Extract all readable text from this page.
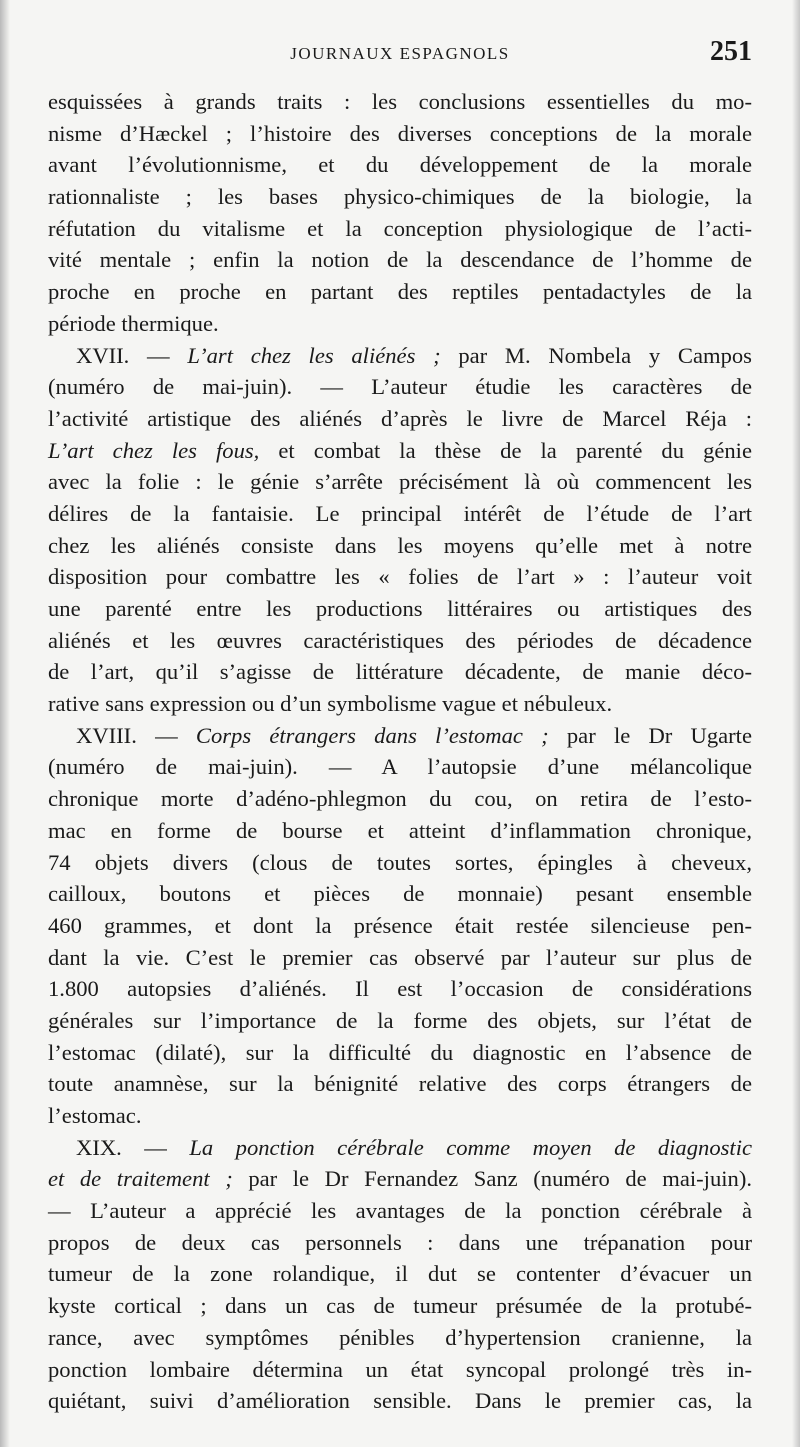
JOURNAUX ESPAGNOLS	251
esquissées à grands traits : les conclusions essentielles du mo-
nisme d’Hæckel ; l’histoire des diverses conceptions de la morale
avant l’évolutionnisme, et du développement de la morale
rationnaliste ; les bases physico-chimiques de la biologie, la
réfutation du vitalisme et la conception physiologique de l’acti-
vité mentale ; enfin la notion de la descendance de l’homme de
proche en proche en partant des reptiles pentadactyles de la
période thermique.
XVII. — L’art chez les aliénés ; par M. Nombela y Campos
(numéro de mai-juin). — L’auteur étudie les caractères de
l’activité artistique des aliénés d’après le livre de Marcel Réja :
L’art chez les fous, et combat la thèse de la parenté du génie
avec la folie : le génie s’arrête précisément là où commencent les
délires de la fantaisie. Le principal intérêt de l’étude de l’art
chez les aliénés consiste dans les moyens qu’elle met à notre
disposition pour combattre les « folies de l’art » : l’auteur voit
une parenté entre les productions littéraires ou artistiques des
aliénés et les œuvres caractéristiques des périodes de décadence
de l’art, qu’il s’agisse de littérature décadente, de manie déco-
rative sans expression ou d’un symbolisme vague et nébuleux.
XVIII. — Corps étrangers dans l’estomac ; par le Dr Ugarte
(numéro de mai-juin). — A l’autopsie d’une mélancolique
chronique morte d’adéno-phlegmon du cou, on retira de l’esto-
mac en forme de bourse et atteint d’inflammation chronique,
74 objets divers (clous de toutes sortes, épingles à cheveux,
cailloux, boutons et pièces de monnaie) pesant ensemble
460 grammes, et dont la présence était restée silencieuse pen-
dant la vie. C’est le premier cas observé par l’auteur sur plus de
1.800 autopsies d’aliénés. Il est l’occasion de considérations
générales sur l’importance de la forme des objets, sur l’état de
l’estomac (dilaté), sur la difficulté du diagnostic en l’absence de
toute anamnèse, sur la bénignité relative des corps étrangers de
l’estomac.
XIX. — La ponction cérébrale comme moyen de diagnostic
et de traitement ; par le Dr Fernandez Sanz (numéro de mai-juin).
— L’auteur a apprécié les avantages de la ponction cérébrale à
propos de deux cas personnels : dans une trépanation pour
tumeur de la zone rolandique, il dut se contenter d’évacuer un
kyste cortical ; dans un cas de tumeur présumée de la protubé-
rance, avec symptômes pénibles d’hypertension cranienne, la
ponction lombaire détermina un état syncopal prolongé très in-
quiétant, suivi d’amélioration sensible. Dans le premier cas, la
